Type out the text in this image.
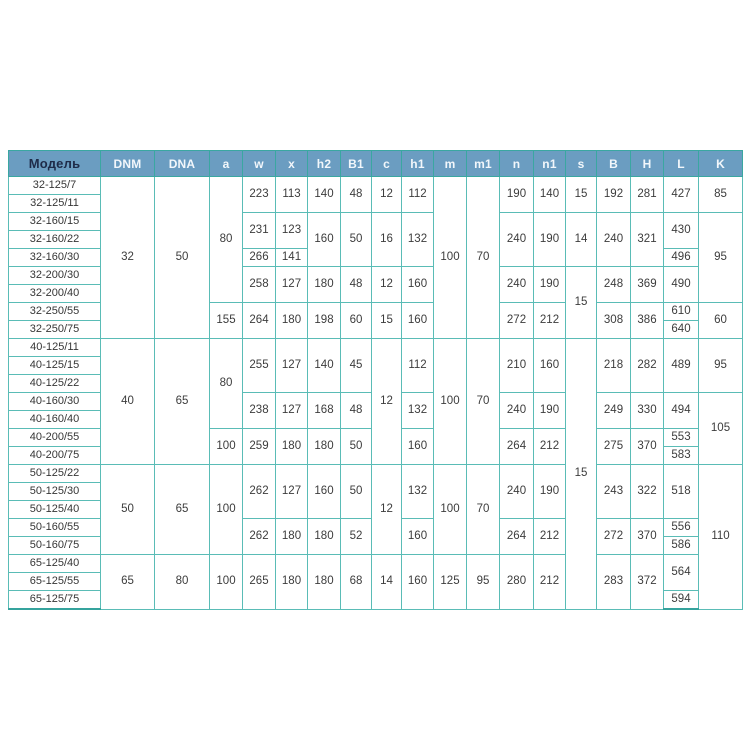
Модель	DNM	DNA	a	w	x	h2	B1	c	h1	m	m1	n	n1	s	B	H	L	K
32-125/7	32	50	80	223	113	140	48	12	112	100	70	190	140	15	192	281	427	85
32-125/11																		
32-160/15				231	123	160	50	16	132			240	190	14	240	321	430	95
32-160/22																		
32-160/30				266	141												496	
32-200/30				258	127	180	48	12	160			240	190	15	248	369	490	
32-200/40																		
32-250/55			155	264	180	198	60	15	160			272	212		308	386	610	60
32-250/75																	640	
40-125/11	40	65	80	255	127	140	45	12	112	100	70	210	160	15	218	282	489	95
40-125/15																		
40-125/22																		
40-160/30				238	127	168	48		132			240	190		249	330	494	105
40-160/40																		
40-200/55			100	259	180	180	50		160			264	212		275	370	553	
40-200/75																	583	
50-125/22	50	65	100	262	127	160	50	12	132	100	70	240	190		243	322	518	110
50-125/30																		
50-125/40																		
50-160/55				262	180	180	52		160			264	212		272	370	556	
50-160/75																	586	
65-125/40	65	80	100	265	180	180	68	14	160	125	95	280	212		283	372	564	
65-125/55																		
65-125/75																	594	
